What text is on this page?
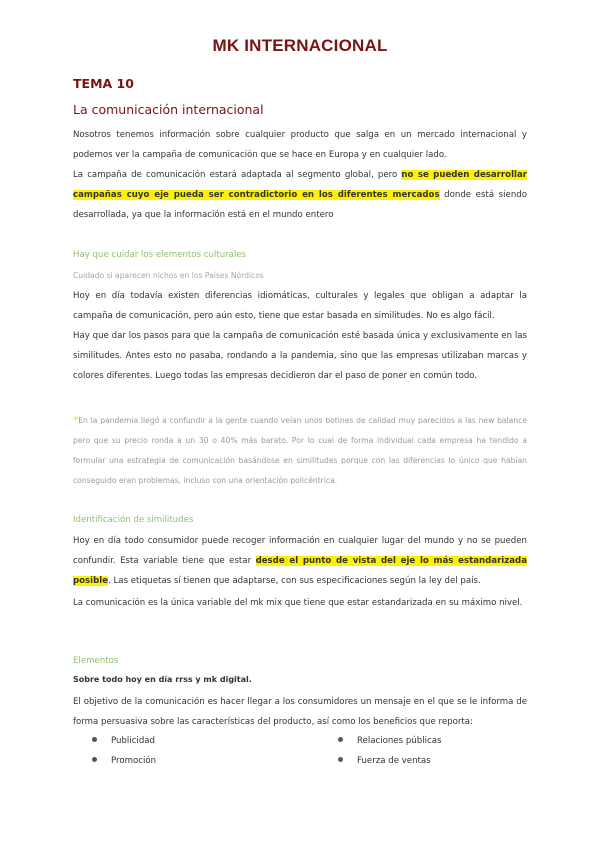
MK INTERNACIONAL
TEMA 10
La comunicación internacional
Nosotros tenemos información sobre cualquier producto que salga en un mercado internacional y podemos ver la campaña de comunicación que se hace en Europa y en cualquier lado.
La campaña de comunicación estará adaptada al segmento global, pero no se pueden desarrollar campañas cuyo eje pueda ser contradictorio en los diferentes mercados donde está siendo desarrollada, ya que la información está en el mundo entero
Hay que cuidar los elementos culturales
Cuidado si aparecen nichos en los Países Nórdicos
Hoy en día todavía existen diferencias idiomáticas, culturales y legales que obligan a adaptar la campaña de comunicación, pero aún esto, tiene que estar basada en similitudes. No es algo fácil.
Hay que dar los pasos para que la campaña de comunicación esté basada única y exclusivamente en las similitudes. Antes esto no pasaba, rondando a la pandemia, sino que las empresas utilizaban marcas y colores diferentes. Luego todas las empresas decidieron dar el paso de poner en común todo.
*En la pandemia llegó a confundir a la gente cuando veían unos botines de calidad muy parecidos a las new balance pero que su precio ronda a un 30 o 40% más barato. Por lo cual de forma individual cada empresa ha tendido a formular una estrategia de comunicación basándose en similitudes porque con las diferencias lo único que habían conseguido eran problemas, incluso con una orientación policéntrica.
Identificación de similitudes
Hoy en día todo consumidor puede recoger información en cualquier lugar del mundo y no se pueden confundir. Esta variable tiene que estar desde el punto de vista del eje lo más estandarizada posible. Las etiquetas sí tienen que adaptarse, con sus especificaciones según la ley del país.
La comunicación es la única variable del mk mix que tiene que estar estandarizada en su máximo nivel.
Elementos
Sobre todo hoy en día rrss y mk digital.
El objetivo de la comunicación es hacer llegar a los consumidores un mensaje en el que se le informa de forma persuasiva sobre las características del producto, así como los beneficios que reporta:
Publicidad
Promoción
Relaciones públicas
Fuerza de ventas
